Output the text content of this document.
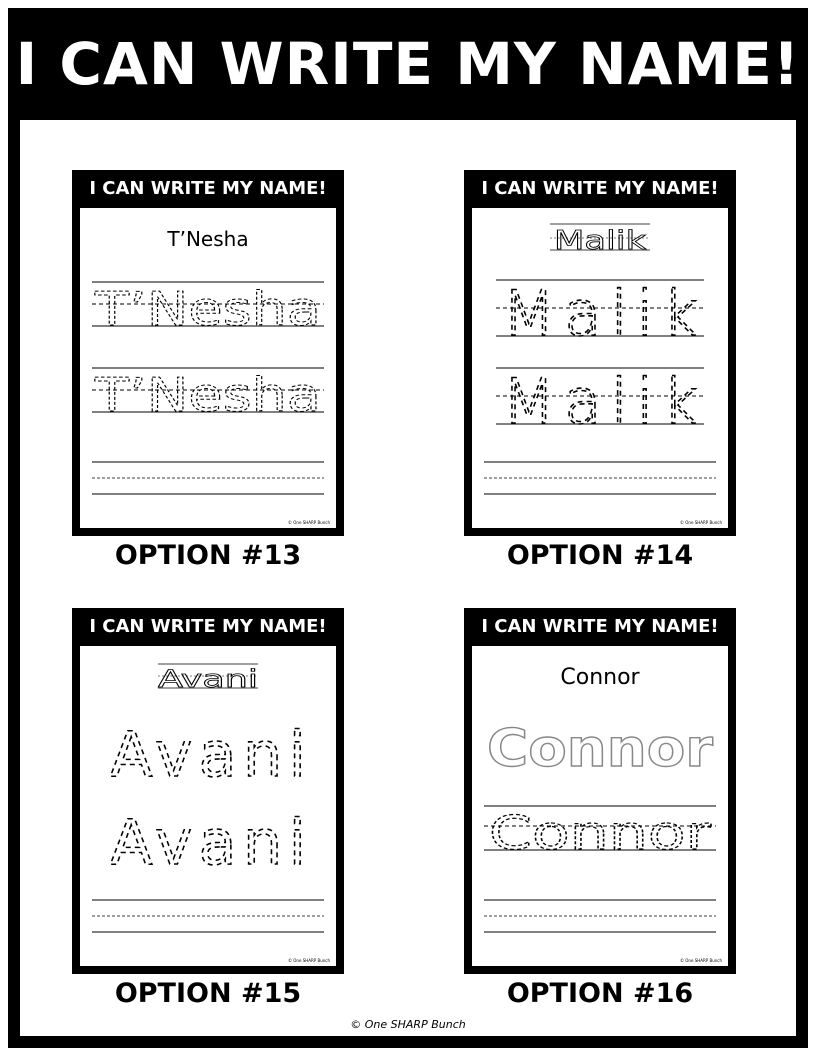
I CAN WRITE MY NAME!
I CAN WRITE MY NAME!
T’Nesha
T’Nesha
T’Nesha
© One SHARP Bunch
OPTION #13
I CAN WRITE MY NAME!
Malik
Malik
Malik
© One SHARP Bunch
OPTION #14
I CAN WRITE MY NAME!
Avani
Avani
Avani
© One SHARP Bunch
OPTION #15
I CAN WRITE MY NAME!
Connor
Connor
Connor
© One SHARP Bunch
OPTION #16
© One SHARP Bunch
